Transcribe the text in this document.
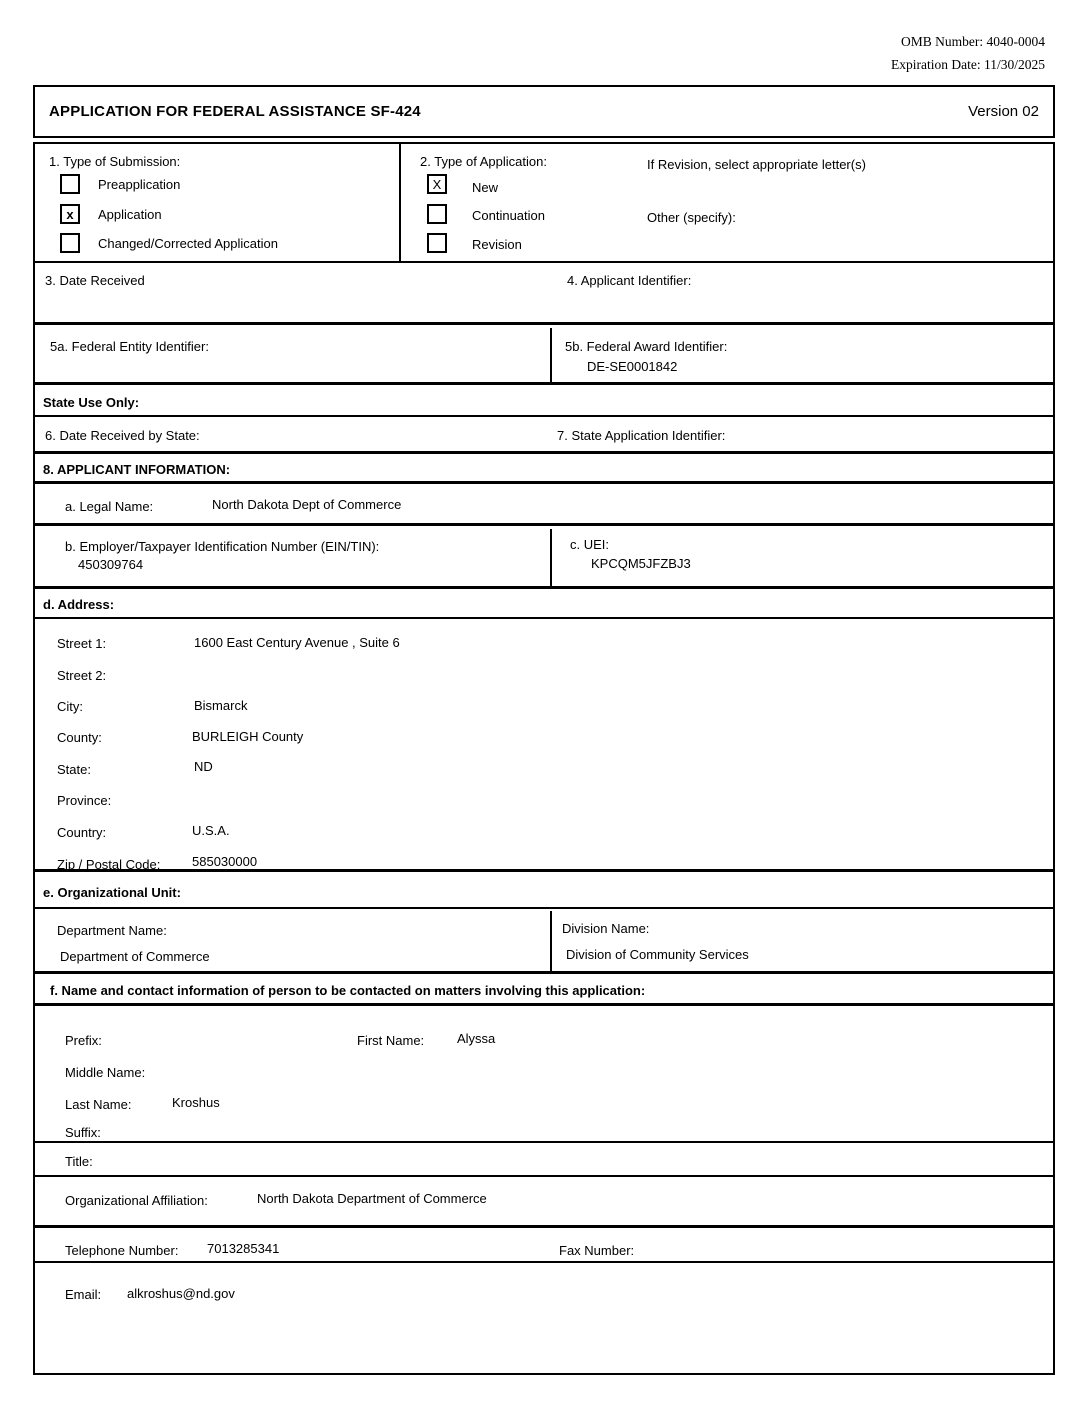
OMB Number: 4040-0004
Expiration Date: 11/30/2025
APPLICATION FOR FEDERAL ASSISTANCE SF-424	Version 02
1. Type of Submission:
Preapplication
x	Application
Changed/Corrected Application
2. Type of Application:
X	New
Continuation
Revision
If Revision, select appropriate letter(s)
Other (specify):
3. Date Received	4. Applicant Identifier:
5a. Federal Entity Identifier:	5b. Federal Award Identifier:
DE-SE0001842
State Use Only:
6. Date Received by State:	7. State Application Identifier:
8. APPLICANT INFORMATION:
a. Legal Name:	North Dakota Dept of Commerce
b. Employer/Taxpayer Identification Number (EIN/TIN):
450309764
c. UEI:
KPCQM5JFZBJ3
d. Address:
Street 1:	1600 East Century Avenue , Suite 6
Street 2:
City:	Bismarck
County:	BURLEIGH County
State:	ND
Province:
Country:	U.S.A.
Zip / Postal Code: 585030000
e. Organizational Unit:
Department Name:
Department of Commerce
Division Name:
Division of Community Services
f. Name and contact information of person to be contacted on matters involving this application:
Prefix:	First Name:	Alyssa
Middle Name:
Last Name:	Kroshus
Suffix:
Title:
Organizational Affiliation:	North Dakota Department of Commerce
Telephone Number: 7013285341	Fax Number:
Email: alkroshus@nd.gov
